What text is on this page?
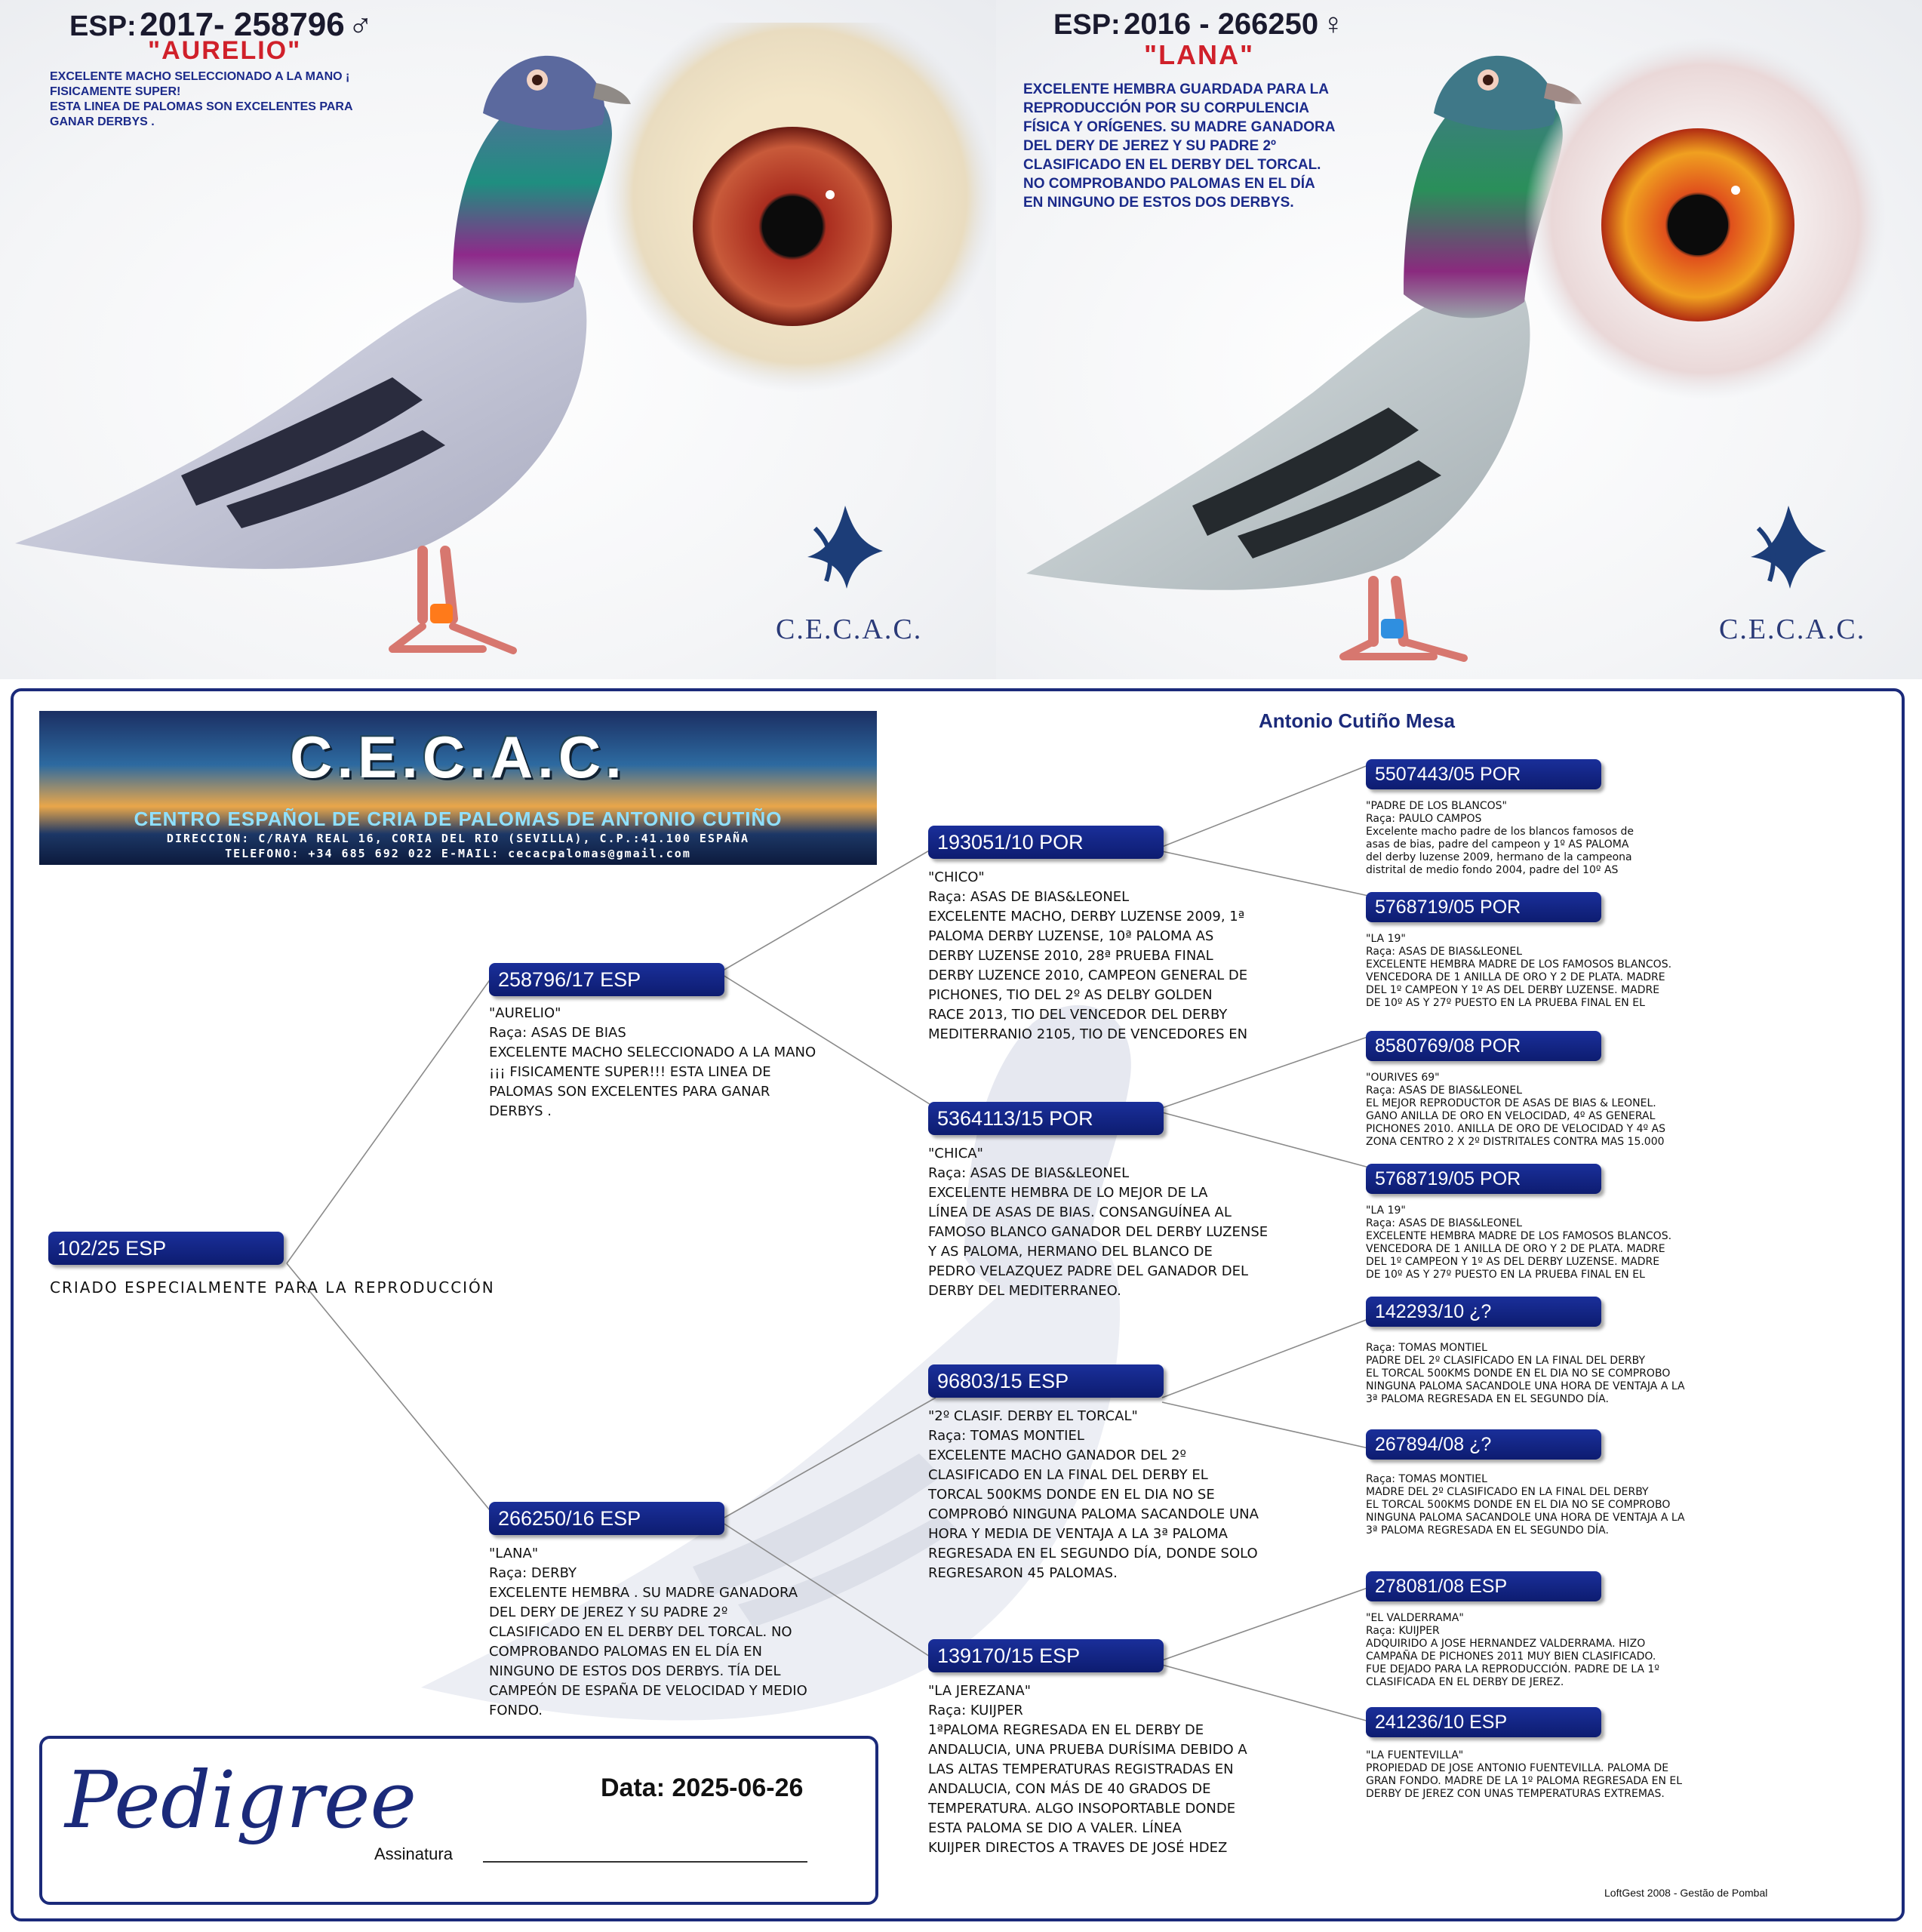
ESP: 2017- 258796 ♂
"AURELIO"
EXCELENTE MACHO SELECCIONADO A LA MANO ¡
FISICAMENTE SUPER!
ESTA LINEA DE PALOMAS SON EXCELENTES PARA
GANAR DERBYS .
C.E.C.A.C.
ESP: 2016 - 266250 ♀
"LANA"
EXCELENTE HEMBRA GUARDADA PARA LA
REPRODUCCIÓN POR SU CORPULENCIA
FÍSICA Y ORÍGENES. SU MADRE GANADORA
DEL DERY DE JEREZ Y SU PADRE 2º
CLASIFICADO EN EL DERBY DEL TORCAL.
NO COMPROBANDO PALOMAS EN EL DÍA
EN NINGUNO DE ESTOS DOS DERBYS.
C.E.C.A.C.
C.E.C.A.C.
CENTRO ESPAÑOL DE CRIA DE PALOMAS DE ANTONIO CUTIÑO
DIRECCION: C/RAYA REAL 16, CORIA DEL RIO (SEVILLA), C.P.:41.100 ESPAÑA
TELEFONO: +34 685 692 022 E-MAIL: cecacpalomas@gmail.com
Antonio Cutiño Mesa
102/25 ESP
CRIADO ESPECIALMENTE PARA LA REPRODUCCIÓN
258796/17 ESP
"AURELIO"
Raça: ASAS DE BIAS
EXCELENTE MACHO SELECCIONADO A LA MANO
¡¡¡ FISICAMENTE SUPER!!! ESTA LINEA DE
PALOMAS SON EXCELENTES PARA GANAR
DERBYS .
266250/16 ESP
"LANA"
Raça: DERBY
EXCELENTE HEMBRA . SU MADRE GANADORA
DEL DERY DE JEREZ Y SU PADRE 2º
CLASIFICADO EN EL DERBY DEL TORCAL. NO
COMPROBANDO PALOMAS EN EL DÍA EN
NINGUNO DE ESTOS DOS DERBYS. TÍA DEL
CAMPEÓN DE ESPAÑA DE VELOCIDAD Y MEDIO
FONDO.
193051/10 POR
"CHICO"
Raça: ASAS DE BIAS&LEONEL
EXCELENTE MACHO, DERBY LUZENSE 2009, 1ª
PALOMA DERBY LUZENSE, 10ª PALOMA AS
DERBY LUZENSE 2010, 28ª PRUEBA FINAL
DERBY LUZENCE 2010, CAMPEON GENERAL DE
PICHONES, TIO DEL 2º AS DELBY GOLDEN
RACE 2013, TIO DEL VENCEDOR DEL DERBY
MEDITERRANIO 2105, TIO DE VENCEDORES EN
5364113/15 POR
"CHICA"
Raça: ASAS DE BIAS&LEONEL
EXCELENTE HEMBRA DE LO MEJOR DE LA
LÍNEA DE ASAS DE BIAS. CONSANGUÍNEA AL
FAMOSO BLANCO GANADOR DEL DERBY LUZENSE
Y AS PALOMA, HERMANO DEL BLANCO DE
PEDRO VELAZQUEZ PADRE DEL GANADOR DEL
DERBY DEL MEDITERRANEO.
96803/15 ESP
"2º CLASIF. DERBY EL TORCAL"
Raça: TOMAS MONTIEL
EXCELENTE MACHO GANADOR DEL 2º
CLASIFICADO EN LA FINAL DEL DERBY EL
TORCAL 500KMS DONDE EN EL DIA NO SE
COMPROBÓ NINGUNA PALOMA SACANDOLE UNA
HORA Y MEDIA DE VENTAJA A LA 3ª PALOMA
REGRESADA EN EL SEGUNDO DÍA, DONDE SOLO
REGRESARON 45 PALOMAS.
139170/15 ESP
"LA JEREZANA"
Raça: KUIJPER
1ªPALOMA REGRESADA EN EL DERBY DE
ANDALUCIA, UNA PRUEBA DURÍSIMA DEBIDO A
LAS ALTAS TEMPERATURAS REGISTRADAS EN
ANDALUCIA, CON MÁS DE 40 GRADOS DE
TEMPERATURA. ALGO INSOPORTABLE DONDE
ESTA PALOMA SE DIO A VALER. LÍNEA
KUIJPER DIRECTOS A TRAVES DE JOSÉ HDEZ
5507443/05 POR
"PADRE DE LOS BLANCOS"
Raça: PAULO CAMPOS
Excelente macho padre de los blancos famosos de
asas de bias, padre del campeon y 1º AS PALOMA
del derby luzense 2009, hermano de la campeona
distrital de medio fondo 2004, padre del 10º AS
5768719/05 POR
"LA 19"
Raça: ASAS DE BIAS&LEONEL
EXCELENTE HEMBRA MADRE DE LOS FAMOSOS BLANCOS.
VENCEDORA DE 1 ANILLA DE ORO Y 2 DE PLATA. MADRE
DEL 1º CAMPEON Y 1º AS DEL DERBY LUZENSE. MADRE
DE 10º AS Y 27º PUESTO EN LA PRUEBA FINAL EN EL
8580769/08 POR
"OURIVES 69"
Raça: ASAS DE BIAS&LEONEL
EL MEJOR REPRODUCTOR DE ASAS DE BIAS & LEONEL.
GANO ANILLA DE ORO EN VELOCIDAD, 4º AS GENERAL
PICHONES 2010. ANILLA DE ORO DE VELOCIDAD Y 4º AS
ZONA CENTRO 2 X 2º DISTRITALES CONTRA MAS 15.000
5768719/05 POR
"LA 19"
Raça: ASAS DE BIAS&LEONEL
EXCELENTE HEMBRA MADRE DE LOS FAMOSOS BLANCOS.
VENCEDORA DE 1 ANILLA DE ORO Y 2 DE PLATA. MADRE
DEL 1º CAMPEON Y 1º AS DEL DERBY LUZENSE. MADRE
DE 10º AS Y 27º PUESTO EN LA PRUEBA FINAL EN EL
142293/10 ¿?
Raça: TOMAS MONTIEL
PADRE DEL 2º CLASIFICADO EN LA FINAL DEL DERBY
EL TORCAL 500KMS DONDE EN EL DIA NO SE COMPROBO
NINGUNA PALOMA SACANDOLE UNA HORA DE VENTAJA A LA
3ª PALOMA REGRESADA EN EL SEGUNDO DÍA.
267894/08 ¿?
Raça: TOMAS MONTIEL
MADRE DEL 2º CLASIFICADO EN LA FINAL DEL DERBY
EL TORCAL 500KMS DONDE EN EL DIA NO SE COMPROBO
NINGUNA PALOMA SACANDOLE UNA HORA DE VENTAJA A LA
3ª PALOMA REGRESADA EN EL SEGUNDO DÍA.
278081/08 ESP
"EL VALDERRAMA"
Raça: KUIJPER
ADQUIRIDO A JOSE HERNANDEZ VALDERRAMA. HIZO
CAMPAÑA DE PICHONES 2011 MUY BIEN CLASIFICADO.
FUE DEJADO PARA LA REPRODUCCIÓN. PADRE DE LA 1º
CLASIFICADA EN EL DERBY DE JEREZ.
241236/10 ESP
"LA FUENTEVILLA"
PROPIEDAD DE JOSE ANTONIO FUENTEVILLA. PALOMA DE
GRAN FONDO. MADRE DE LA 1º PALOMA REGRESADA EN EL
DERBY DE JEREZ CON UNAS TEMPERATURAS EXTREMAS.
Pedigree	Data: 2025-06-26
Assinatura
LoftGest 2008 - Gestão de Pombal
